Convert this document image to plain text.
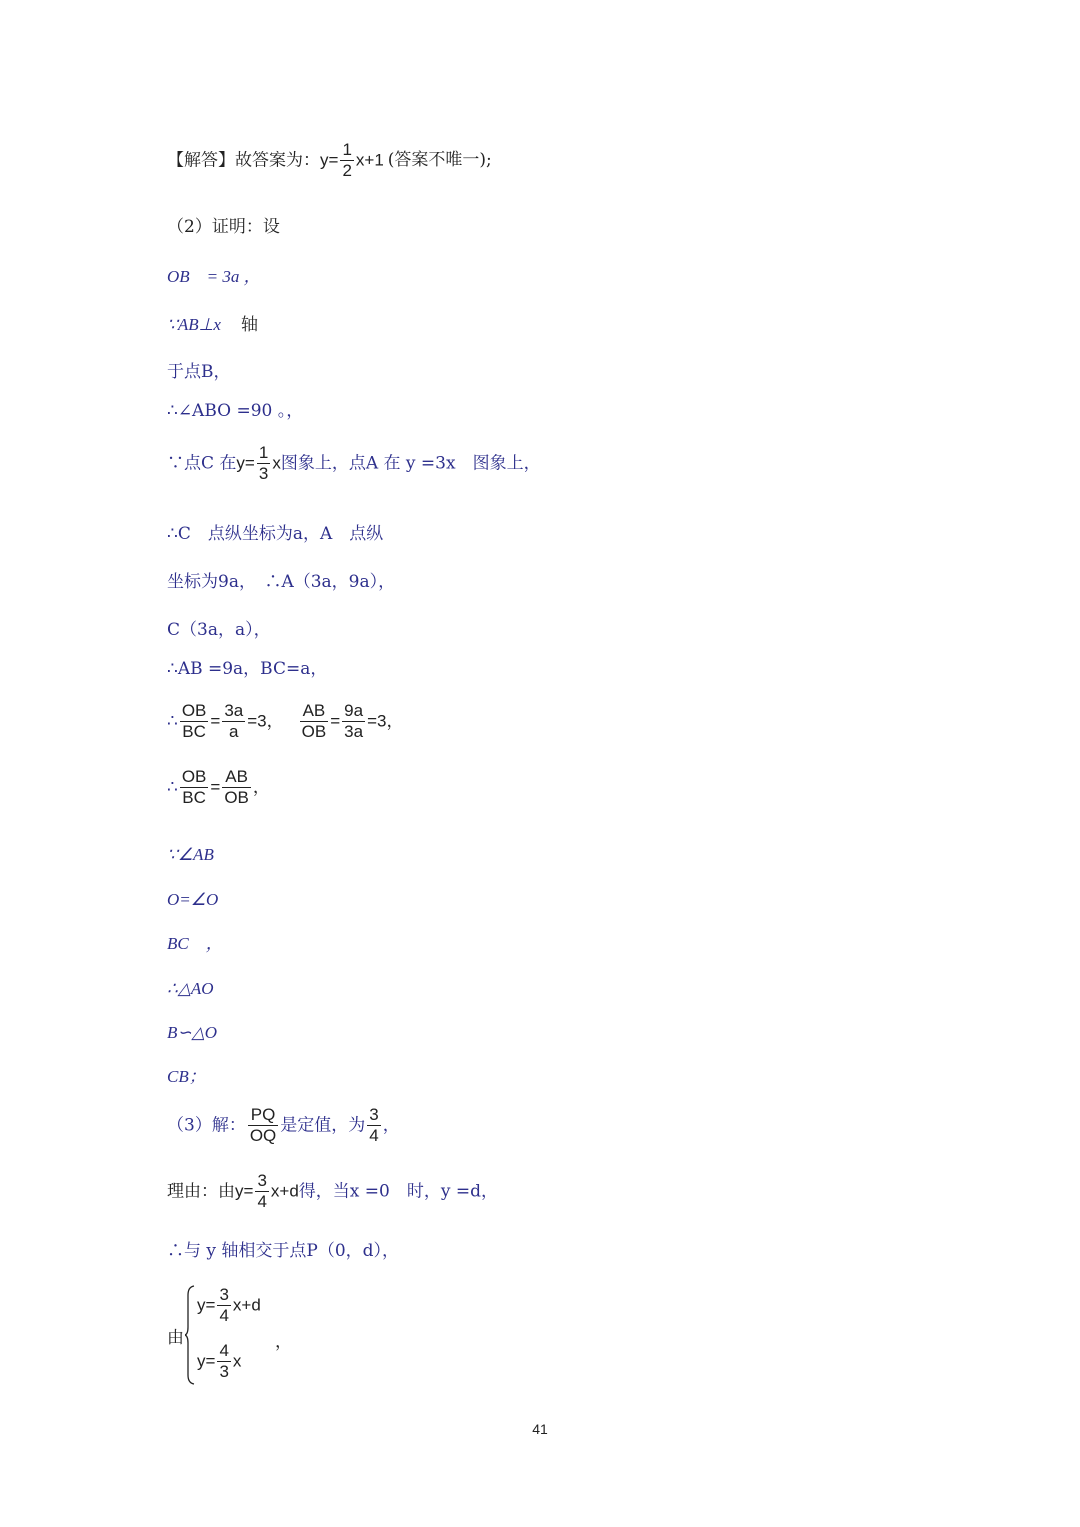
【解答】故答案为：$y= \frac{1}{2} x+1$ (答案不唯一);
（2）证明：设
OB　= 3a ，
∵AB⊥x 轴
于点B，
∴∠ABO =90 。，
∵点C 在$y= \frac{1}{3}$ x图象上，点A 在 y =3x　图象上，
∴C　点纵坐标为a，A　点纵
坐标为9a，　∴A（3a，9a），
C（3a，a），
∴AB =9a，BC=a，
∴ $\frac{OB}{BC} = \frac{3a}{a} =3$， $\frac{AB}{OB} = \frac{9a}{3a} =3$，
∴ $\frac{OB}{BC} = \frac{AB}{OB}$ ，
∵∠AB
O=∠O
BC　，
∴△AO
B∽△O
CB；
（3）解： $\frac{PQ}{OQ}$ 是定值，为 $\frac{3}{4}$ ，
理由：由$y= \frac{3}{4} x+d$得，当x =0　时，y =d，
∴与 y 轴相交于点P（0，d），
由
$y= \frac{3}{4} x+d$
$y= \frac{4}{3}$ x
，
41
